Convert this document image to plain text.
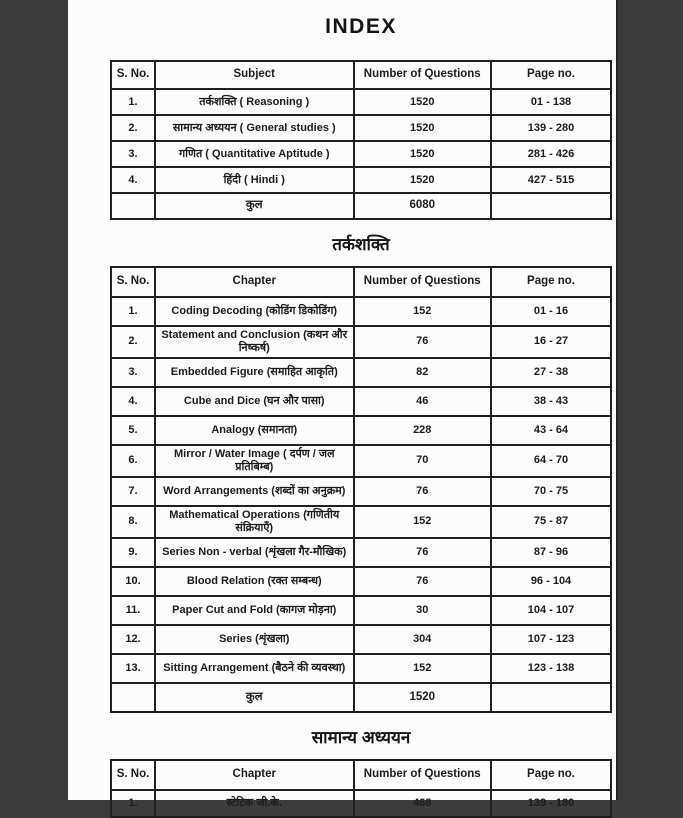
INDEX
S. No.	Subject	Number of Questions	Page no.
1.	तर्कशक्ति ( Reasoning )	1520	01 - 138
2.	सामान्य अध्ययन ( General studies )	1520	139 - 280
3.	गणित ( Quantitative Aptitude )	1520	281 - 426
4.	हिंदी ( Hindi )	1520	427 - 515
	कुल	6080	
तर्कशक्ति
S. No.	Chapter	Number of Questions	Page no.
1.	Coding Decoding (कोडिंग डिकोडिंग)	152	01 - 16
2.	Statement and Conclusion (कथन और निष्कर्ष)	76	16 - 27
3.	Embedded Figure (समाहित आकृति)	82	27 - 38
4.	Cube and Dice (घन और पासा)	46	38 - 43
5.	Analogy (समानता)	228	43 - 64
6.	Mirror / Water Image ( दर्पण / जल प्रतिबिम्ब)	70	64 - 70
7.	Word Arrangements (शब्दों का अनुक्रम)	76	70 - 75
8.	Mathematical Operations (गणितीय संक्रियाएँ)	152	75 - 87
9.	Series Non - verbal (शृंखला गैर-मौखिक)	76	87 - 96
10.	Blood Relation (रक्त सम्बन्ध)	76	96 - 104
11.	Paper Cut and Fold (कागज मोड़ना)	30	104 - 107
12.	Series (शृंखला)	304	107 - 123
13.	Sitting Arrangement (बैठने की व्यवस्था)	152	123 - 138
	कुल	1520	
सामान्य अध्ययन
S. No.	Chapter	Number of Questions	Page no.
1.	स्टेटिक जी.के.	468	139 - 180
